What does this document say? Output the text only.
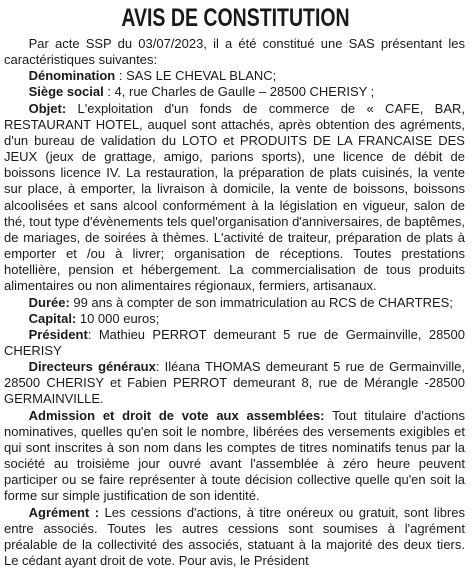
AVIS DE CONSTITUTION

Par acte SSP du 03/07/2023, il a été constitué une SAS présentant les caractéristiques suivantes:

Dénomination : SAS LE CHEVAL BLANC;

Siège social : 4, rue Charles de Gaulle – 28500 CHERISY ;

Objet: L'exploitation d'un fonds de commerce de « CAFE, BAR, RESTAURANT HOTEL, auquel sont attachés, après obtention des agréments, d'un bureau de validation du LOTO et PRODUITS DE LA FRANCAISE DES JEUX (jeux de grattage, amigo, parions sports), une licence de débit de boissons licence IV. La restauration, la préparation de plats cuisinés, la vente sur place, à emporter, la livraison à domicile, la vente de boissons, boissons alcoolisées et sans alcool conformément à la législation en vigueur, salon de thé, tout type d'évènements tels quel'organisation d'anniversaires, de baptêmes, de mariages, de soirées à thèmes. L'activité de traiteur, préparation de plats à emporter et /ou à livrer; organisation de réceptions. Toutes prestations hotellière, pension et hébergement. La commercialisation de tous produits alimentaires ou non alimentaires régionaux, fermiers, artisanaux.

Durée: 99 ans à compter de son immatriculation au RCS de CHARTRES;

Capital: 10 000 euros;

Président: Mathieu PERROT demeurant 5 rue de Germainville, 28500 CHERISY

Directeurs généraux: Iléana THOMAS demeurant 5 rue de Germainville, 28500 CHERISY et Fabien PERROT demeurant 8, rue de Mérangle -28500 GERMAINVILLE.

Admission et droit de vote aux assemblées: Tout titulaire d'actions nominatives, quelles qu'en soit le nombre, libérées des versements exigibles et qui sont inscrites à son nom dans les comptes de titres nominatifs tenus par la société au troisième jour ouvré avant l'assemblée à zéro heure peuvent participer ou se faire représenter à toute décision collective quelle qu'en soit la forme sur simple justification de son identité.

Agrément : Les cessions d'actions, à titre onéreux ou gratuit, sont libres entre associés. Toutes les autres cessions sont soumises à l'agrément préalable de la collectivité des associés, statuant à la majorité des deux tiers. Le cédant ayant droit de vote. Pour avis, le Président
